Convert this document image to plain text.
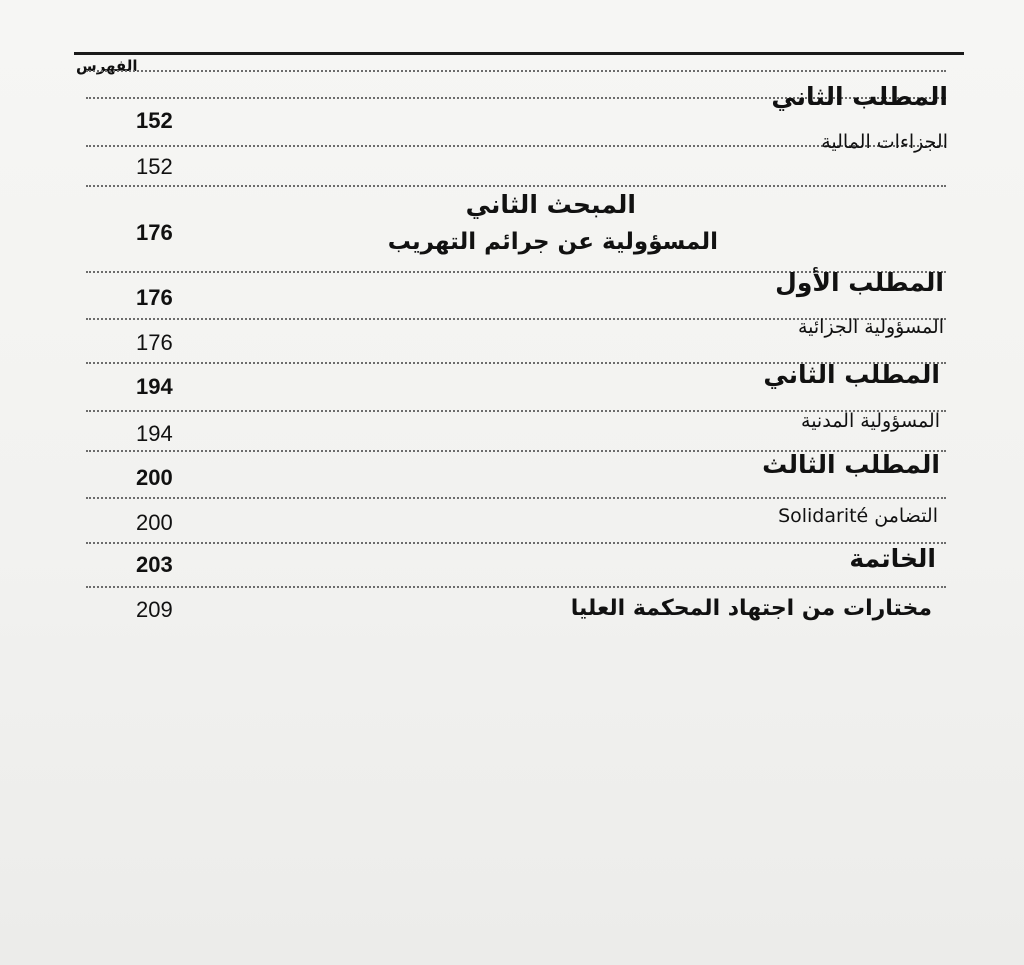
الفهرس
المطلب الثاني
152
الجزاءات المالية
152
المبحث الثاني
المسؤولية عن جرائم التهريب
176
المطلب الأول
176
المسؤولية الجزائية
176
المطلب الثاني
194
المسؤولية المدنية
194
المطلب الثالث
200
التضامن Solidarité
200
الخاتمة
203
مختارات من اجتهاد المحكمة العليا
209
